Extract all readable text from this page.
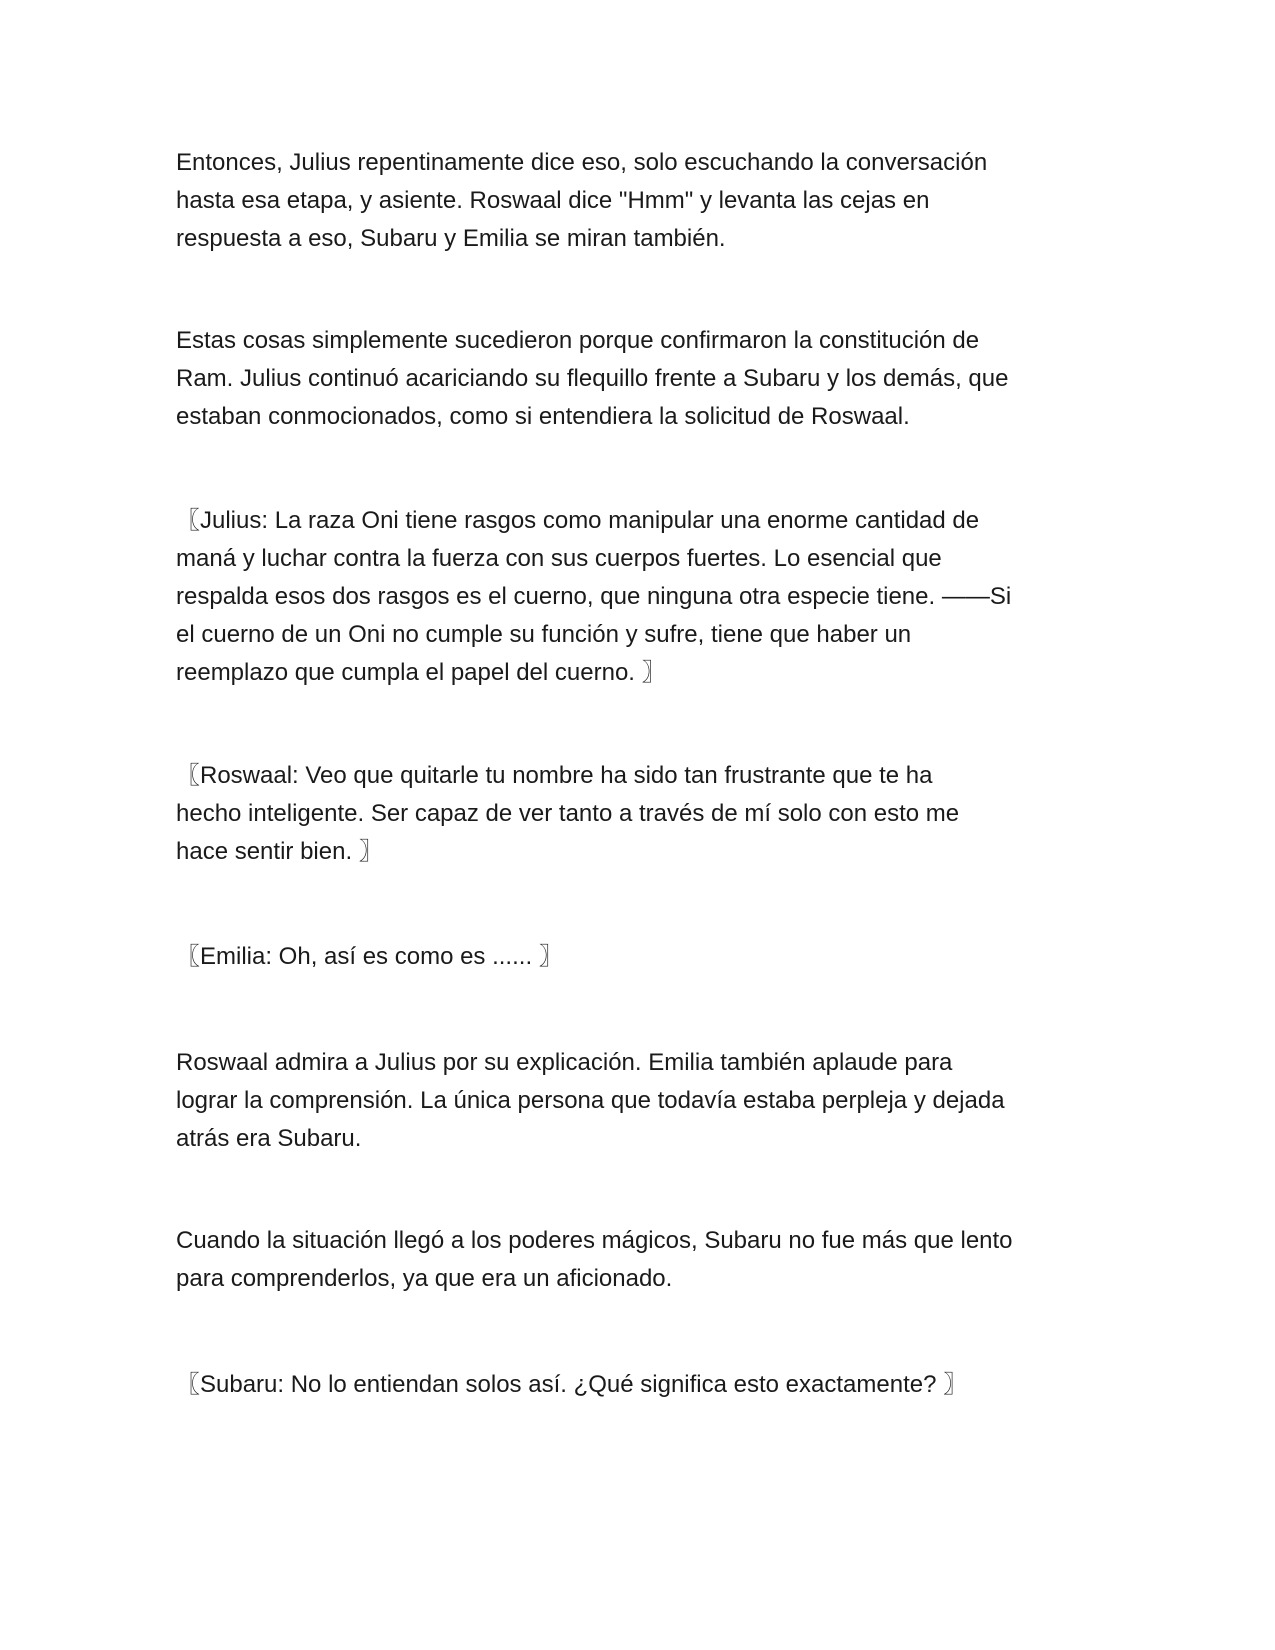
Entonces, Julius repentinamente dice eso, solo escuchando la conversación
hasta esa etapa, y asiente. Roswaal dice "Hmm" y levanta las cejas en
respuesta a eso, Subaru y Emilia se miran también.

Estas cosas simplemente sucedieron porque confirmaron la constitución de
Ram. Julius continuó acariciando su flequillo frente a Subaru y los demás, que
estaban conmocionados, como si entendiera la solicitud de Roswaal.

〖Julius: La raza Oni tiene rasgos como manipular una enorme cantidad de
maná y luchar contra la fuerza con sus cuerpos fuertes. Lo esencial que
respalda esos dos rasgos es el cuerno, que ninguna otra especie tiene. ——Si
el cuerno de un Oni no cumple su función y sufre, tiene que haber un
reemplazo que cumpla el papel del cuerno. 〗

〖Roswaal: Veo que quitarle tu nombre ha sido tan frustrante que te ha
hecho inteligente. Ser capaz de ver tanto a través de mí solo con esto me
hace sentir bien. 〗

〖Emilia: Oh, así es como es ...... 〗

Roswaal admira a Julius por su explicación. Emilia también aplaude para
lograr la comprensión. La única persona que todavía estaba perpleja y dejada
atrás era Subaru.

Cuando la situación llegó a los poderes mágicos, Subaru no fue más que lento
para comprenderlos, ya que era un aficionado.

〖Subaru: No lo entiendan solos así. ¿Qué significa esto exactamente? 〗
